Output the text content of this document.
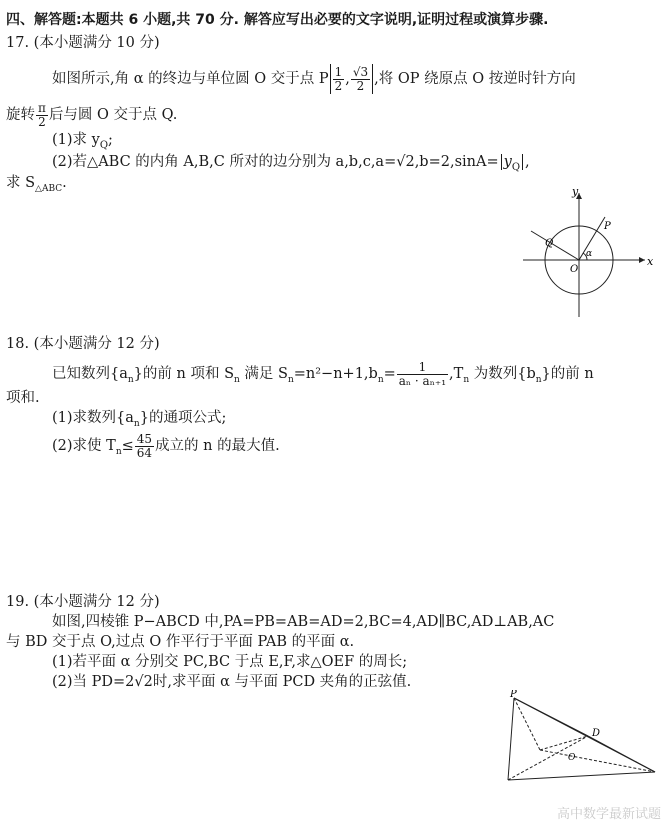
四、解答题:本题共 6 小题,共 70 分. 解答应写出必要的文字说明,证明过程或演算步骤.
17. (本小题满分 10 分)
如图所示,角 α 的终边与单位圆 O 交于点 P $\frac{1}{2}$ , $\frac{√3}{2}$ ,将 OP 绕原点 O 按逆时针方向
旋转 $\frac{\pi}{2}$ 后与圆 O 交于点 Q.
(1)求 $y_Q$;
(2)若△ABC 的内角 A,B,C 所对的边分别为 $a,b,c,a=√2,b=2,\sin A= y_Q$ ,
求 $S_{\triangle ABC}$.
x
y
O
P
Q
α
18. (本小题满分 12 分)
已知数列$\{a_n\}$的前 n 项和 $S_n$ 满足 $S_n=n^2-n+1,b_n= \frac{1}{\text{aₙ · aₙ₊₁}} ,T_n$ 为数列$\{b_n\}$的前 n
项和.
(1)求数列$\{a_n\}$的通项公式;
(2)求使 $T_n\le \frac{45}{64}$ 成立的 n 的最大值.
19. (本小题满分 12 分)
如图,四棱锥 P−ABCD 中,PA=PB=AB=AD=2,BC=4,AD∥BC,AD⊥AB,AC
与 BD 交于点 O,过点 O 作平行于平面 PAB 的平面 α.
(1)若平面 α 分别交 PC,BC 于点 E,F,求△OEF 的周长;
(2)当 PD=2√2时,求平面 α 与平面 PCD 夹角的正弦值.
P
D
O
高中数学最新试题
